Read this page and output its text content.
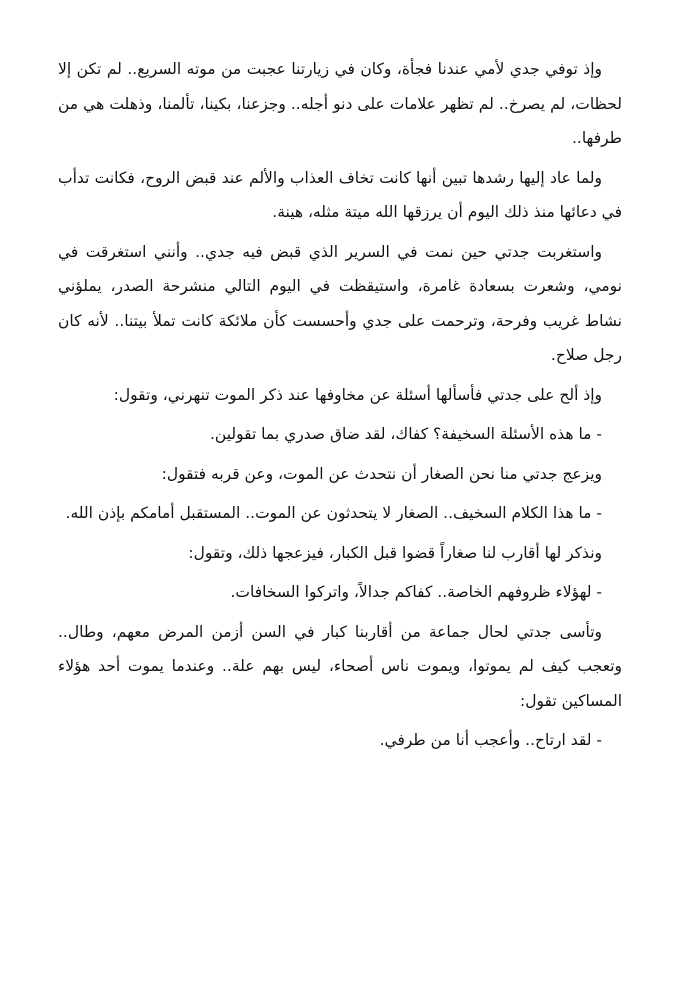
وإذ توفي جدي لأمي عندنا فجأة، وكان في زيارتنا عجبت من موته السريع.. لم تكن إلا لحظات، لم يصرخ.. لم تظهر علامات على دنو أجله.. وجزعنا، بكينا، تألمنا، وذهلت هي من طرفها..

ولما عاد إليها رشدها تبين أنها كانت تخاف العذاب والألم عند قبض الروح، فكانت تدأب في دعائها منذ ذلك اليوم أن يرزقها الله ميتة مثله، هينة.

واستغربت جدتي حين نمت في السرير الذي قبض فيه جدي.. وأنني استغرقت في نومي، وشعرت بسعادة غامرة، واستيقظت في اليوم التالي منشرحة الصدر، يملؤني نشاط غريب وفرحة، وترحمت على جدي وأحسست كأن ملائكة كانت تملأ بيتنا.. لأنه كان رجل صلاح.

وإذ ألح على جدتي فأسألها أسئلة عن مخاوفها عند ذكر الموت تنهرني، وتقول:

- ما هذه الأسئلة السخيفة؟ كفاك، لقد ضاق صدري بما تقولين.

ويزعج جدتي منا نحن الصغار أن نتحدث عن الموت، وعن قربه فتقول:

- ما هذا الكلام السخيف.. الصغار لا يتحدثون عن الموت.. المستقبل أمامكم بإذن الله.

ونذكر لها أقارب لنا صغاراً قضوا قبل الكبار، فيزعجها ذلك، وتقول:

- لهؤلاء ظروفهم الخاصة.. كفاكم جدالاً، واتركوا السخافات.

وتأسى جدتي لحال جماعة من أقاربنا كبار في السن أزمن المرض معهم، وطال.. وتعجب كيف لم يموتوا، ويموت ناس أصحاء، ليس بهم علة.. وعندما يموت أحد هؤلاء المساكين تقول:

- لقد ارتاح.. وأعجب أنا من طرفي.
